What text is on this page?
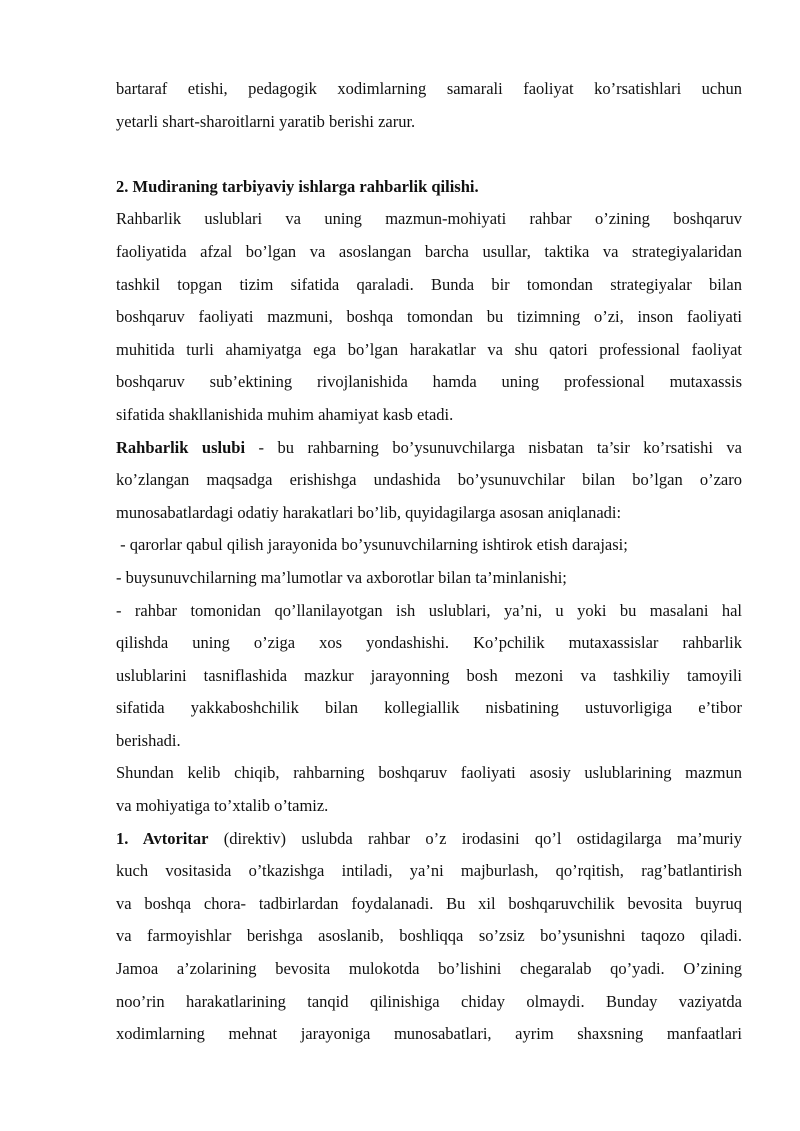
bartaraf etishi, pedagogik xodimlarning samarali faoliyat ko’rsatishlari uchun

yetarli shart-sharoitlarni yaratib berishi zarur.

2. Mudiraning tarbiyaviy ishlarga rahbarlik qilishi.

Rahbarlik uslublari va uning mazmun-mohiyati rahbar o’zining boshqaruv

faoliyatida afzal bo’lgan va asoslangan barcha usullar, taktika va strategiyalaridan

tashkil topgan tizim sifatida qaraladi. Bunda bir tomondan strategiyalar bilan

boshqaruv faoliyati mazmuni, boshqa tomondan bu tizimning o’zi, inson faoliyati

muhitida turli ahamiyatga ega bo’lgan harakatlar va shu qatori professional faoliyat

boshqaruv sub’ektining rivojlanishida hamda uning professional mutaxassis

sifatida shakllanishida muhim ahamiyat kasb etadi.

Rahbarlik uslubi - bu rahbarning bo’ysunuvchilarga nisbatan ta’sir ko’rsatishi va

ko’zlangan maqsadga erishishga undashida bo’ysunuvchilar bilan bo’lgan o’zaro

munosabatlardagi odatiy harakatlari bo’lib, quyidagilarga asosan aniqlanadi:

- qarorlar qabul qilish jarayonida bo’ysunuvchilarning ishtirok etish darajasi;

- buysunuvchilarning ma’lumotlar va axborotlar bilan ta’minlanishi;

- rahbar tomonidan qo’llanilayotgan ish uslublari, ya’ni, u yoki bu masalani hal

qilishda uning o’ziga xos yondashishi. Ko’pchilik mutaxassislar rahbarlik

uslublarini tasniflashida mazkur jarayonning bosh mezoni va tashkiliy tamoyili

sifatida yakkaboshchilik bilan kollegiallik nisbatining ustuvorligiga e’tibor

berishadi.

Shundan kelib chiqib, rahbarning boshqaruv faoliyati asosiy uslublarining mazmun

va mohiyatiga to’xtalib o’tamiz.

1. Avtoritar (direktiv) uslubda rahbar o’z irodasini qo’l ostidagilarga ma’muriy

kuch vositasida o’tkazishga intiladi, ya’ni majburlash, qo’rqitish, rag’batlantirish

va boshqa chora- tadbirlardan foydalanadi. Bu xil boshqaruvchilik bevosita buyruq

va farmoyishlar berishga asoslanib, boshliqqa so’zsiz bo’ysunishni taqozo qiladi.

Jamoa a’zolarining bevosita mulokotda bo’lishini chegaralab qo’yadi. O’zining

noo’rin harakatlarining tanqid qilinishiga chiday olmaydi. Bunday vaziyatda

xodimlarning mehnat jarayoniga munosabatlari, ayrim shaxsning manfaatlari
